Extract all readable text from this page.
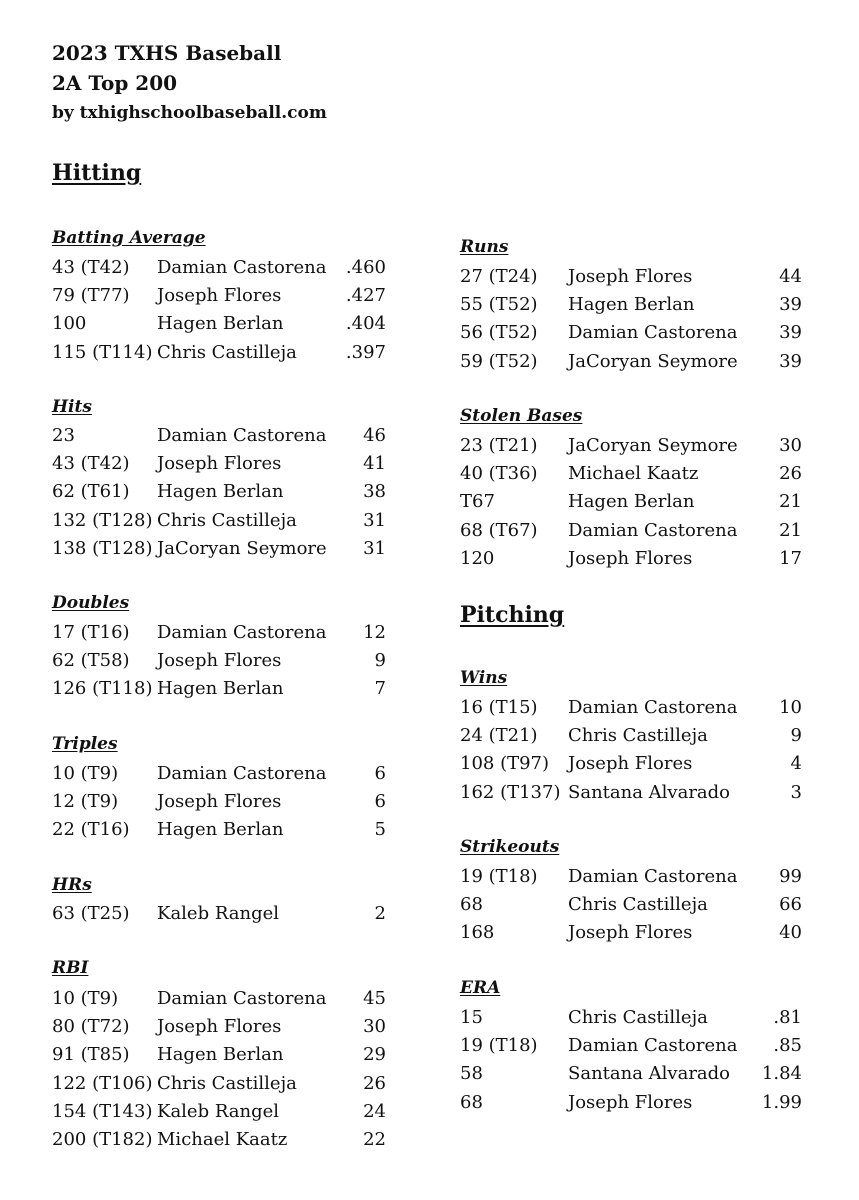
2023 TXHS Baseball
2A Top 200
by txhighschoolbaseball.com
Hitting
Pitching
Batting Average
43 (T42) Damian Castorena .460
79 (T77) Joseph Flores	.427
100	Hagen Berlan	.404
115 (T114) Chris Castilleja	.397
Hits
23	Damian Castorena	46
43 (T42) Joseph Flores	41
62 (T61) Hagen Berlan	38
132 (T128) Chris Castilleja	31
138 (T128) JaCoryan Seymore	31
Doubles
17 (T16) Damian Castorena	12
62 (T58) Joseph Flores	9
126 (T118) Hagen Berlan	7
Triples
10 (T9) Damian Castorena	6
12 (T9) Joseph Flores	6
22 (T16) Hagen Berlan	5
HRs
63 (T25) Kaleb Rangel	2
RBI
10 (T9) Damian Castorena	45
80 (T72) Joseph Flores	30
91 (T85) Hagen Berlan	29
122 (T106) Chris Castilleja	26
154 (T143) Kaleb Rangel	24
200 (T182) Michael Kaatz	22
Runs
27 (T24) Joseph Flores	44
55 (T52) Hagen Berlan	39
56 (T52) Damian Castorena	39
59 (T52) JaCoryan Seymore	39
Stolen Bases
23 (T21) JaCoryan Seymore	30
40 (T36) Michael Kaatz	26
T67	Hagen Berlan	21
68 (T67) Damian Castorena	21
120	Joseph Flores	17
Wins
16 (T15) Damian Castorena	10
24 (T21) Chris Castilleja	9
108 (T97) Joseph Flores	4
162 (T137) Santana Alvarado	3
Strikeouts
19 (T18) Damian Castorena	99
68	Chris Castilleja	66
168	Joseph Flores	40
ERA
15	Chris Castilleja	.81
19 (T18) Damian Castorena	.85
58	Santana Alvarado	1.84
68	Joseph Flores	1.99
